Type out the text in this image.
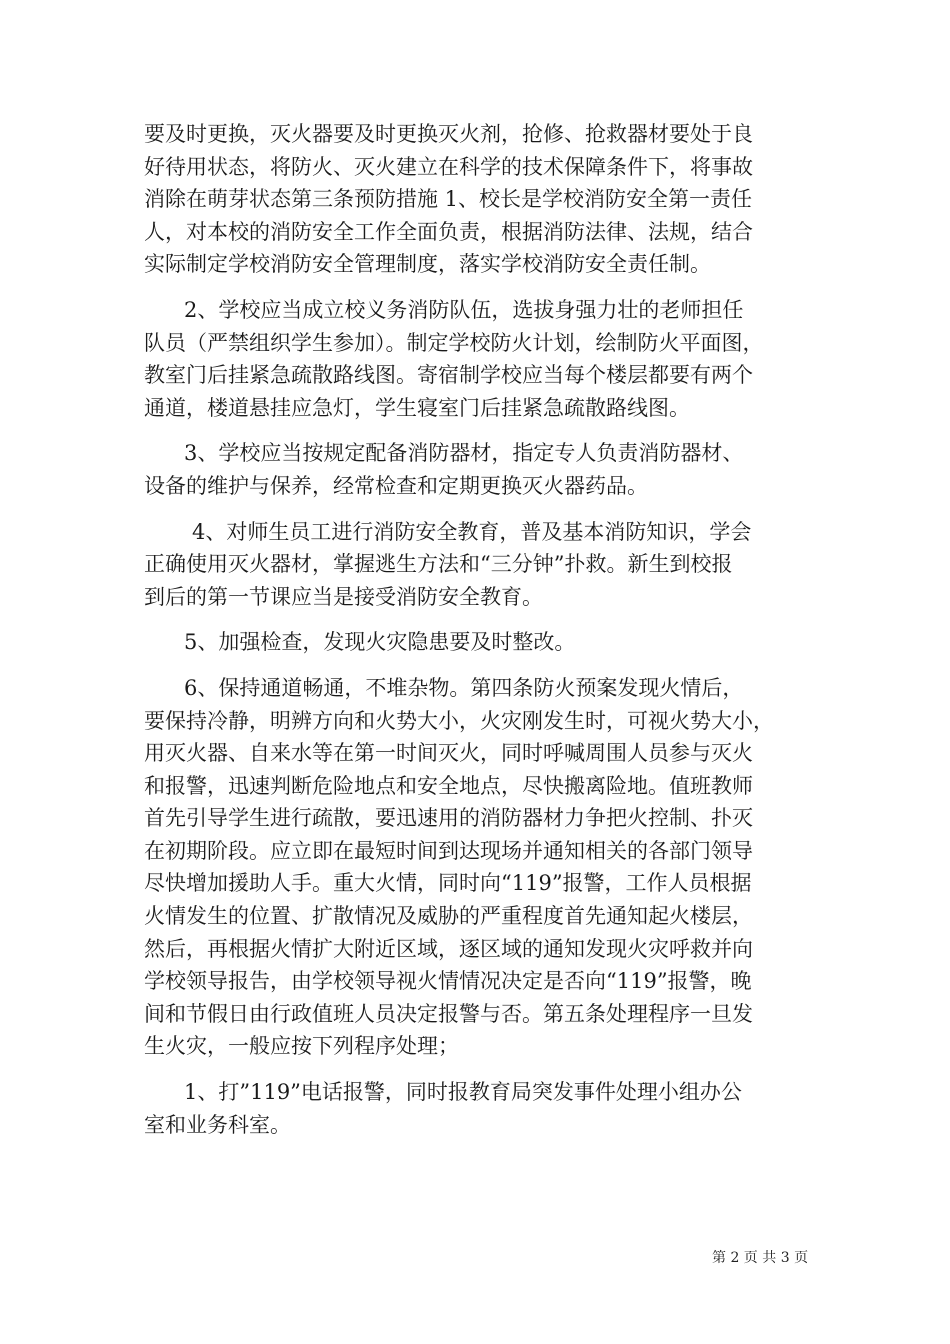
要及时更换，灭火器要及时更换灭火剂，抢修、抢救器材要处于良
好待用状态，将防火、灭火建立在科学的技术保障条件下，将事故
消除在萌芽状态第三条预防措施 1、校长是学校消防安全第一责任
人，对本校的消防安全工作全面负责，根据消防法律、法规，结合
实际制定学校消防安全管理制度，落实学校消防安全责任制。
2、学校应当成立校义务消防队伍，选拔身强力壮的老师担任
队员（严禁组织学生参加）。制定学校防火计划，绘制防火平面图，
教室门后挂紧急疏散路线图。寄宿制学校应当每个楼层都要有两个
通道，楼道悬挂应急灯，学生寝室门后挂紧急疏散路线图。
3、学校应当按规定配备消防器材，指定专人负责消防器材、
设备的维护与保养，经常检查和定期更换灭火器药品。
4、对师生员工进行消防安全教育，普及基本消防知识，学会
正确使用灭火器材，掌握逃生方法和“三分钟”扑救。新生到校报
到后的第一节课应当是接受消防安全教育。
5、加强检查，发现火灾隐患要及时整改。
6、保持通道畅通，不堆杂物。第四条防火预案发现火情后，
要保持冷静，明辨方向和火势大小，火灾刚发生时，可视火势大小，
用灭火器、自来水等在第一时间灭火，同时呼喊周围人员参与灭火
和报警，迅速判断危险地点和安全地点，尽快搬离险地。值班教师
首先引导学生进行疏散，要迅速用的消防器材力争把火控制、扑灭
在初期阶段。应立即在最短时间到达现场并通知相关的各部门领导
尽快增加援助人手。重大火情，同时向“119”报警，工作人员根据
火情发生的位置、扩散情况及威胁的严重程度首先通知起火楼层，
然后，再根据火情扩大附近区域，逐区域的通知发现火灾呼救并向
学校领导报告，由学校领导视火情情况决定是否向“119”报警，晚
间和节假日由行政值班人员决定报警与否。第五条处理程序一旦发
生火灾，一般应按下列程序处理；
1、打”119”电话报警，同时报教育局突发事件处理小组办公
室和业务科室。
第 2 页 共 3 页
